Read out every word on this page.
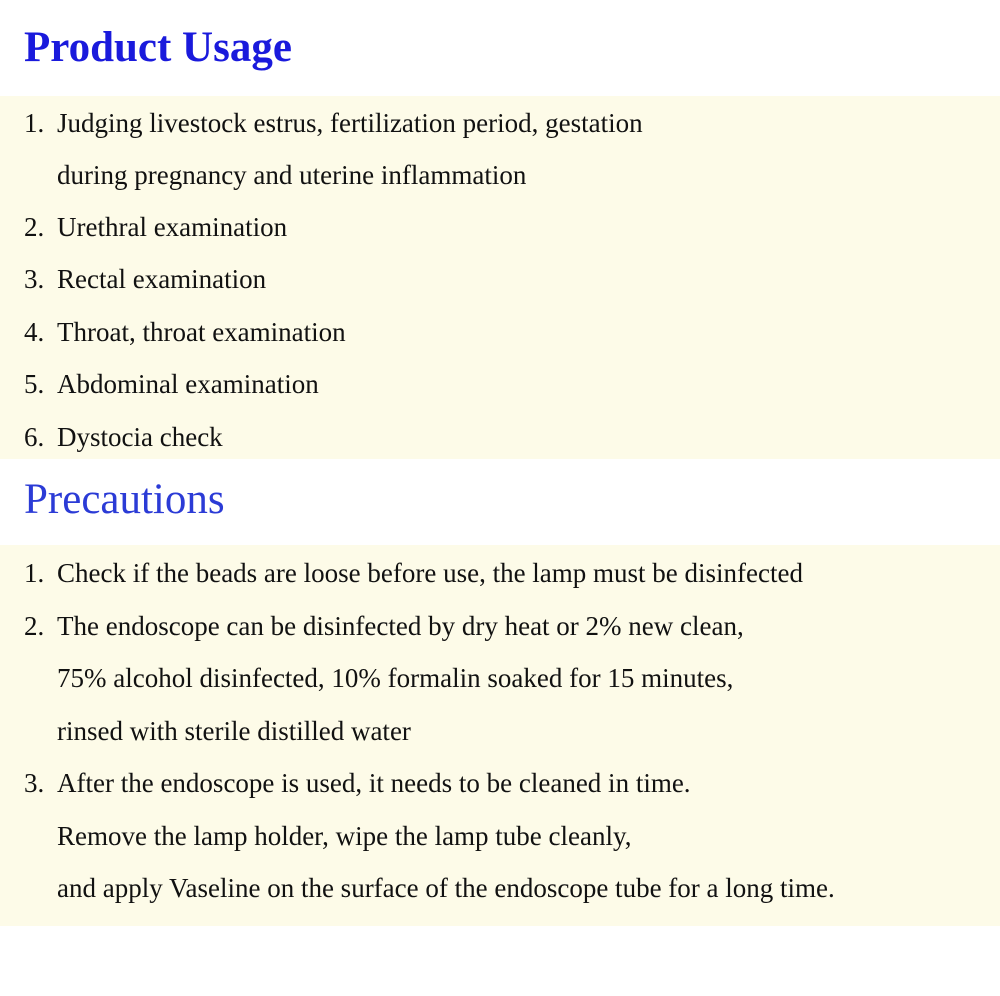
Product Usage
1. Judging livestock estrus, fertilization period, gestation
during pregnancy and uterine inflammation
2. Urethral examination
3. Rectal examination
4. Throat, throat examination
5. Abdominal examination
6. Dystocia check
Precautions
1. Check if the beads are loose before use, the lamp must be disinfected
2. The endoscope can be disinfected by dry heat or 2% new clean,
75% alcohol disinfected, 10% formalin soaked for 15 minutes,
rinsed with sterile distilled water
3. After the endoscope is used, it needs to be cleaned in time.
Remove the lamp holder, wipe the lamp tube cleanly,
and apply Vaseline on the surface of the endoscope tube for a long time.
